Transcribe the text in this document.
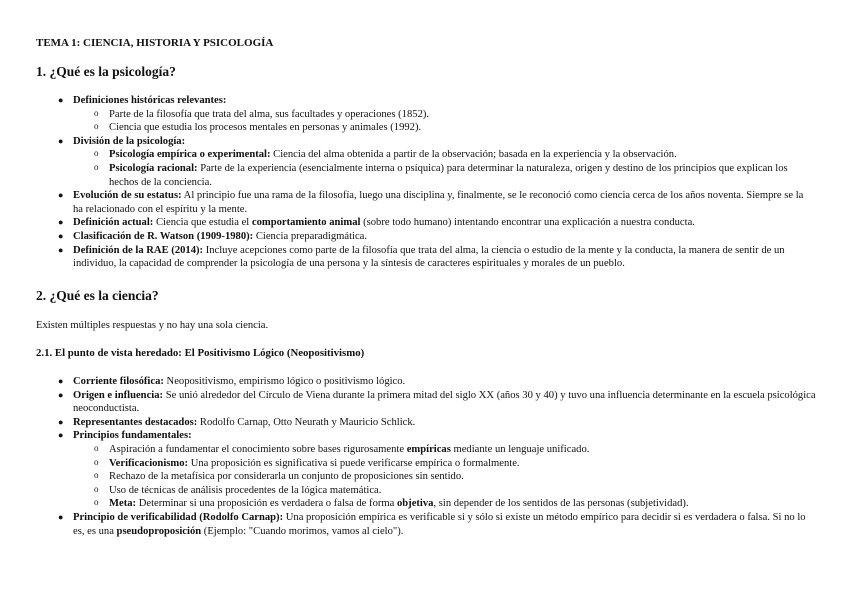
TEMA 1: CIENCIA, HISTORIA Y PSICOLOGÍA
1. ¿Qué es la psicología?
● Definiciones históricas relevantes:
o Parte de la filosofía que trata del alma, sus facultades y operaciones (1852).
o Ciencia que estudia los procesos mentales en personas y animales (1992).
● División de la psicología:
o Psicología empírica o experimental: Ciencia del alma obtenida a partir de la observación; basada en la experiencia y la observación.
o Psicología racional: Parte de la experiencia (esencialmente interna o psíquica) para determinar la naturaleza, origen y destino de los principios que explican los hechos de la conciencia.
● Evolución de su estatus: Al principio fue una rama de la filosofía, luego una disciplina y, finalmente, se le reconoció como ciencia cerca de los años noventa. Siempre se la ha relacionado con el espíritu y la mente.
● Definición actual: Ciencia que estudia el comportamiento animal (sobre todo humano) intentando encontrar una explicación a nuestra conducta.
● Clasificación de R. Watson (1909-1980): Ciencia preparadigmática.
● Definición de la RAE (2014): Incluye acepciones como parte de la filosofía que trata del alma, la ciencia o estudio de la mente y la conducta, la manera de sentir de un individuo, la capacidad de comprender la psicología de una persona y la síntesis de caracteres espirituales y morales de un pueblo.
2. ¿Qué es la ciencia?

Existen múltiples respuestas y no hay una sola ciencia.

2.1. El punto de vista heredado: El Positivismo Lógico (Neopositivismo)
● Corriente filosófica: Neopositivismo, empirismo lógico o positivismo lógico.
● Origen e influencia: Se unió alrededor del Círculo de Viena durante la primera mitad del siglo XX (años 30 y 40) y tuvo una influencia determinante en la escuela psicológica neoconductista.
● Representantes destacados: Rodolfo Carnap, Otto Neurath y Mauricio Schlick.
● Principios fundamentales:
o Aspiración a fundamentar el conocimiento sobre bases rigurosamente empíricas mediante un lenguaje unificado.
o Verificacionismo: Una proposición es significativa si puede verificarse empírica o formalmente.
o Rechazo de la metafísica por considerarla un conjunto de proposiciones sin sentido.
o Uso de técnicas de análisis procedentes de la lógica matemática.
o Meta: Determinar si una proposición es verdadera o falsa de forma objetiva, sin depender de los sentidos de las personas (subjetividad).
● Principio de verificabilidad (Rodolfo Carnap): Una proposición empírica es verificable si y sólo si existe un método empírico para decidir si es verdadera o falsa. Si no lo es, es una pseudoproposición (Ejemplo: "Cuando morimos, vamos al cielo").
